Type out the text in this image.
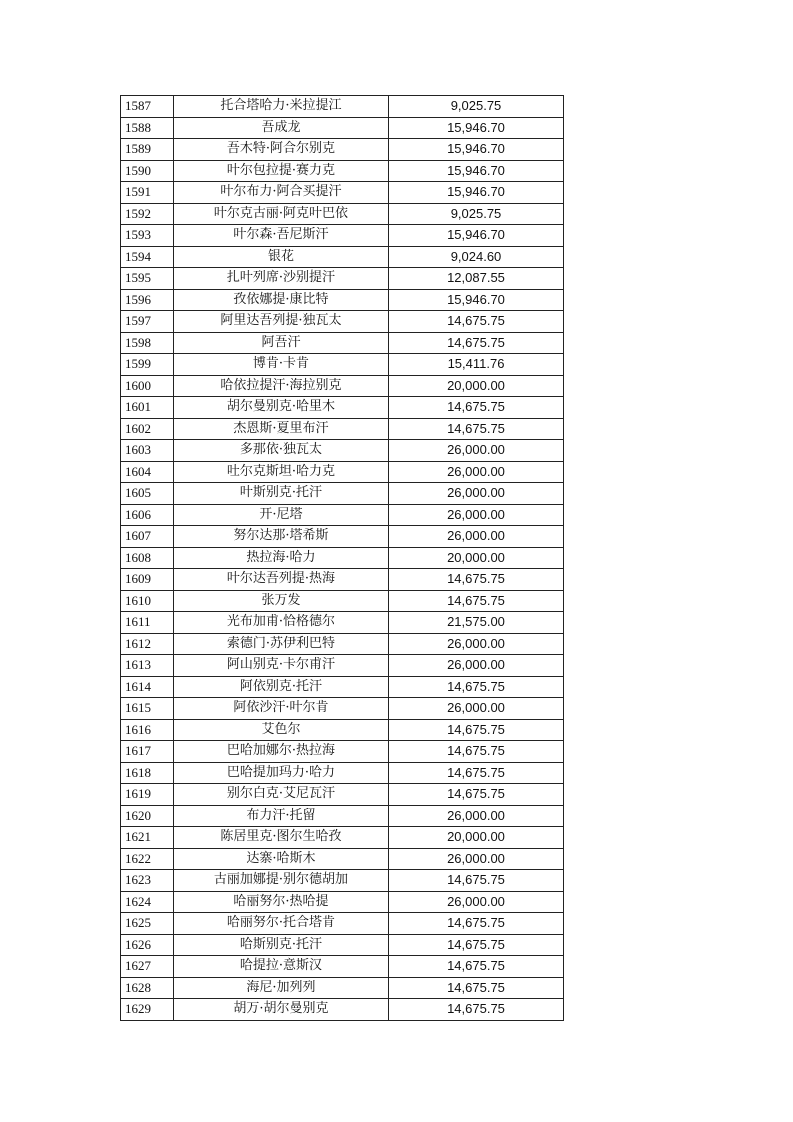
1587	托合塔哈力·米拉提江	9,025.75
1588	吾成龙	15,946.70
1589	吾木特·阿合尔别克	15,946.70
1590	叶尔包拉提·赛力克	15,946.70
1591	叶尔布力·阿合买提汗	15,946.70
1592	叶尔克古丽·阿克叶巴依	9,025.75
1593	叶尔森·吾尼斯汗	15,946.70
1594	银花	9,024.60
1595	扎叶列席·沙别提汗	12,087.55
1596	孜依娜提·康比特	15,946.70
1597	阿里达吾列提·独瓦太	14,675.75
1598	阿吾汗	14,675.75
1599	博肯·卡肯	15,411.76
1600	哈依拉提汗·海拉别克	20,000.00
1601	胡尔曼别克·哈里木	14,675.75
1602	杰恩斯·夏里布汗	14,675.75
1603	多那依·独瓦太	26,000.00
1604	吐尔克斯坦·哈力克	26,000.00
1605	叶斯别克·托汗	26,000.00
1606	开·尼塔	26,000.00
1607	努尔达那·塔希斯	26,000.00
1608	热拉海·哈力	20,000.00
1609	叶尔达吾列提·热海	14,675.75
1610	张万发	14,675.75
1611	光布加甫·恰格德尔	21,575.00
1612	索德门·苏伊利巴特	26,000.00
1613	阿山别克·卡尔甫汗	26,000.00
1614	阿依别克·托汗	14,675.75
1615	阿依沙汗·叶尔肯	26,000.00
1616	艾色尔	14,675.75
1617	巴哈加娜尔·热拉海	14,675.75
1618	巴哈提加玛力·哈力	14,675.75
1619	别尔白克·艾尼瓦汗	14,675.75
1620	布力汗·托留	26,000.00
1621	陈居里克·图尔生哈孜	20,000.00
1622	达寨·哈斯木	26,000.00
1623	古丽加娜提·别尔德胡加	14,675.75
1624	哈丽努尔·热哈提	26,000.00
1625	哈丽努尔·托合塔肯	14,675.75
1626	哈斯别克·托汗	14,675.75
1627	哈提拉·意斯汉	14,675.75
1628	海尼·加列列	14,675.75
1629	胡万·胡尔曼别克	14,675.75
